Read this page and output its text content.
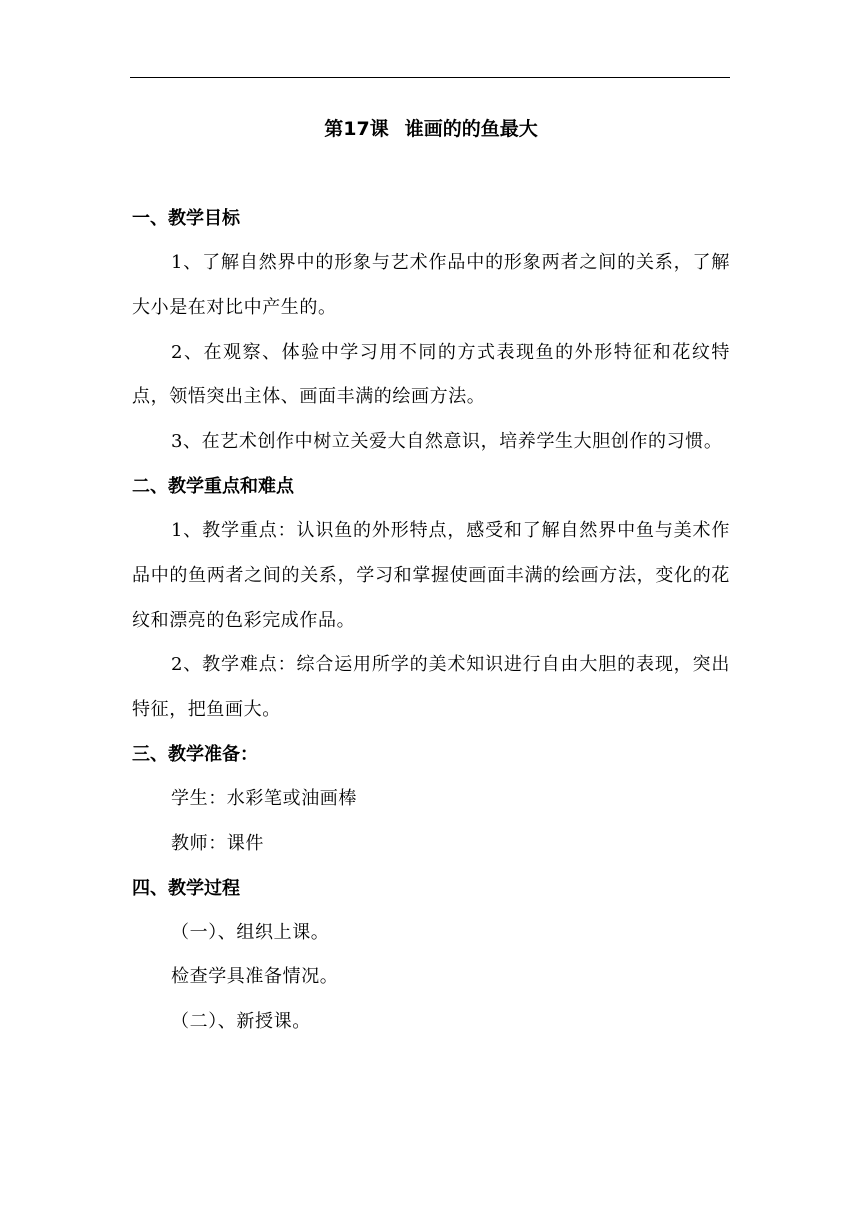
第17课 谁画的的鱼最大
一、教学目标

1、了解自然界中的形象与艺术作品中的形象两者之间的关系，了解大小是在对比中产生的。

2、在观察、体验中学习用不同的方式表现鱼的外形特征和花纹特点，领悟突出主体、画面丰满的绘画方法。

3、在艺术创作中树立关爱大自然意识，培养学生大胆创作的习惯。

二、教学重点和难点

1、教学重点：认识鱼的外形特点，感受和了解自然界中鱼与美术作品中的鱼两者之间的关系，学习和掌握使画面丰满的绘画方法，变化的花纹和漂亮的色彩完成作品。

2、教学难点：综合运用所学的美术知识进行自由大胆的表现，突出特征，把鱼画大。

三、教学准备：

学生：水彩笔或油画棒

教师：课件

四、教学过程

（一）、组织上课。

检查学具准备情况。

（二）、新授课。
